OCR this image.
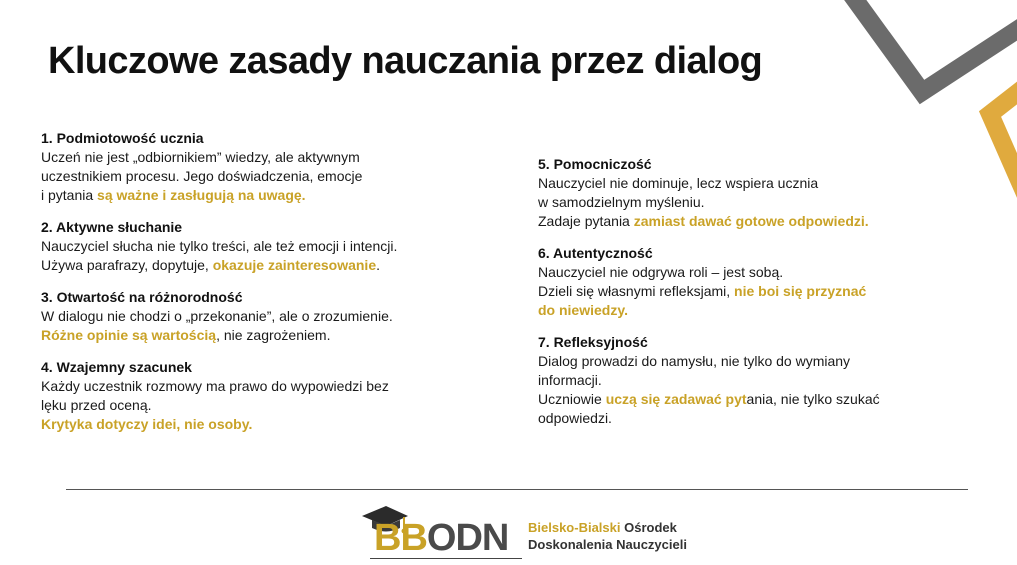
Kluczowe zasady nauczania przez dialog
1. Podmiotowość ucznia

Uczeń nie jest „odbiornikiem” wiedzy, ale aktywnym

uczestnikiem procesu. Jego doświadczenia, emocje

i pytania są ważne i zasługują na uwagę.

2. Aktywne słuchanie

Nauczyciel słucha nie tylko treści, ale też emocji i intencji.

Używa parafrazy, dopytuje, okazuje zainteresowanie.

3. Otwartość na różnorodność

W dialogu nie chodzi o „przekonanie”, ale o zrozumienie.

Różne opinie są wartością, nie zagrożeniem.

4. Wzajemny szacunek

Każdy uczestnik rozmowy ma prawo do wypowiedzi bez

lęku przed oceną.

Krytyka dotyczy idei, nie osoby.

5. Pomocniczość

Nauczyciel nie dominuje, lecz wspiera ucznia

w samodzielnym myśleniu.

Zadaje pytania zamiast dawać gotowe odpowiedzi.

6. Autentyczność

Nauczyciel nie odgrywa roli – jest sobą.

Dzieli się własnymi refleksjami, nie boi się przyznać

do niewiedzy.

7. Refleksyjność

Dialog prowadzi do namysłu, nie tylko do wymiany

informacji.

Uczniowie uczą się zadawać pytania, nie tylko szukać

odpowiedzi.

BBODN Bielsko-Bialski Ośrodek
Doskonalenia Nauczycieli
